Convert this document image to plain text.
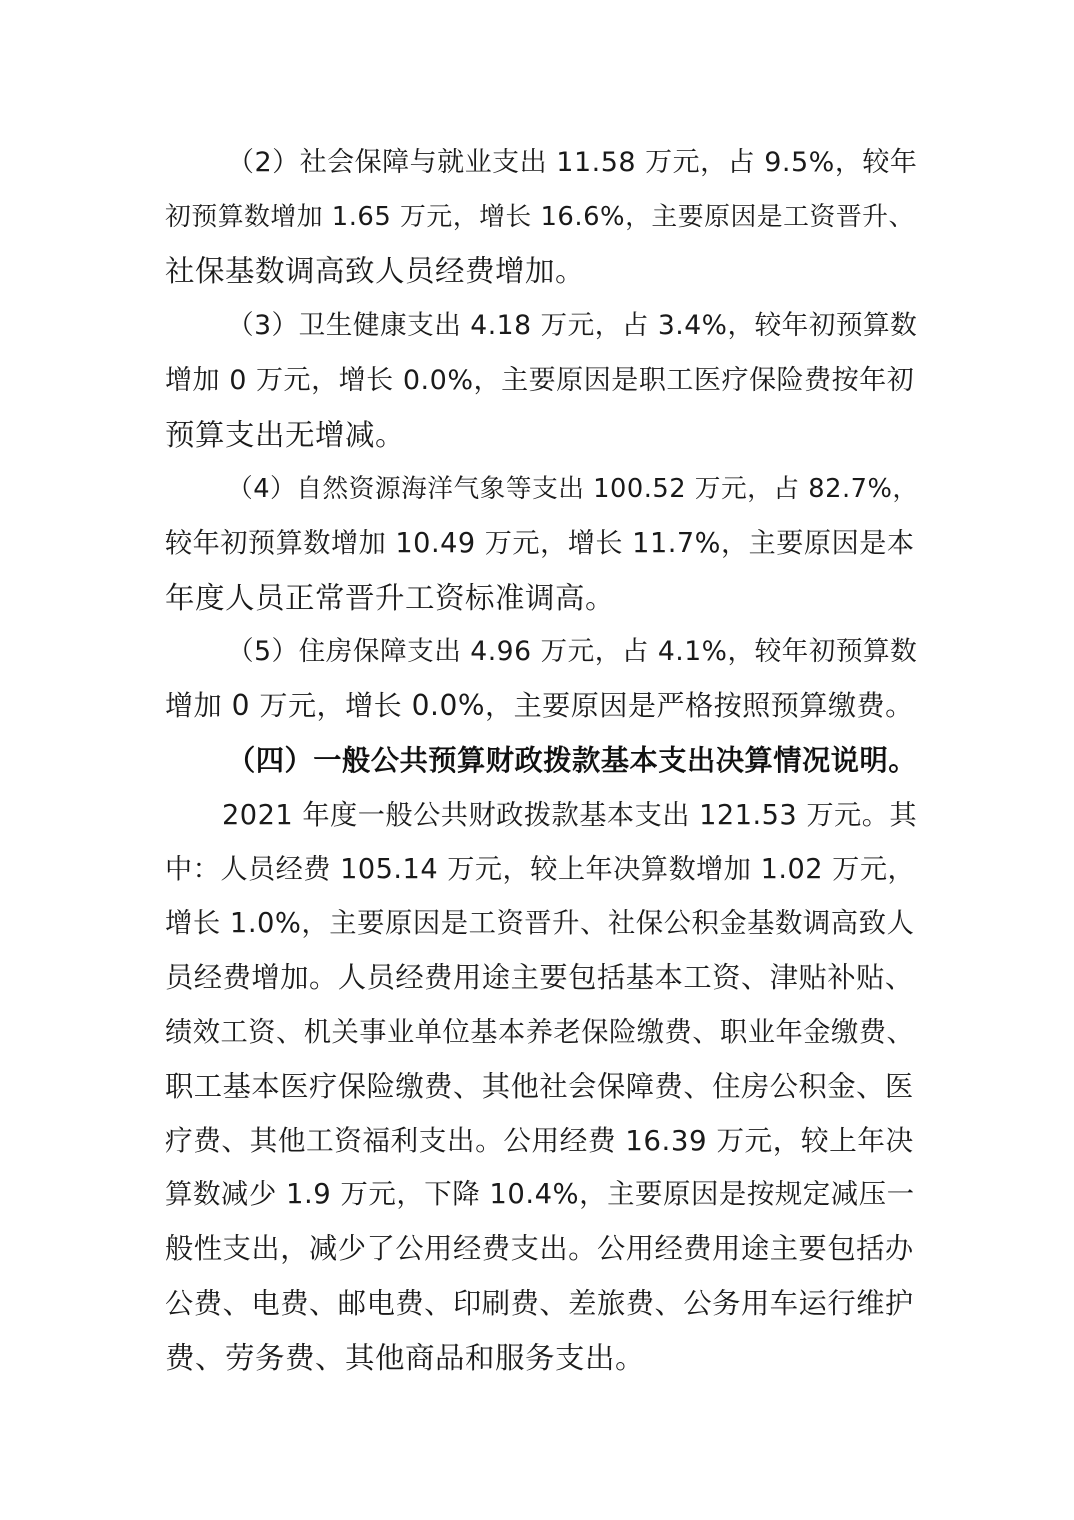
（2）社会保障与就业支出 11.58 万元，占 9.5%，较年

初预算数增加 1.65 万元，增长 16.6%，主要原因是工资晋升、

社保基数调高致人员经费增加。

（3）卫生健康支出 4.18 万元，占 3.4%，较年初预算数

增加 0 万元，增长 0.0%，主要原因是职工医疗保险费按年初

预算支出无增减。

（4）自然资源海洋气象等支出 100.52 万元，占 82.7%，

较年初预算数增加 10.49 万元，增长 11.7%，主要原因是本

年度人员正常晋升工资标准调高。

（5）住房保障支出 4.96 万元，占 4.1%，较年初预算数

增加 0 万元，增长 0.0%，主要原因是严格按照预算缴费。

（四）一般公共预算财政拨款基本支出决算情况说明。

2021 年度一般公共财政拨款基本支出 121.53 万元。其

中：人员经费 105.14 万元，较上年决算数增加 1.02 万元，

增长 1.0%，主要原因是工资晋升、社保公积金基数调高致人

员经费增加。人员经费用途主要包括基本工资、津贴补贴、

绩效工资、机关事业单位基本养老保险缴费、职业年金缴费、

职工基本医疗保险缴费、其他社会保障费、住房公积金、医

疗费、其他工资福利支出。公用经费 16.39 万元，较上年决

算数减少 1.9 万元，下降 10.4%，主要原因是按规定减压一

般性支出，减少了公用经费支出。公用经费用途主要包括办

公费、电费、邮电费、印刷费、差旅费、公务用车运行维护

费、劳务费、其他商品和服务支出。
